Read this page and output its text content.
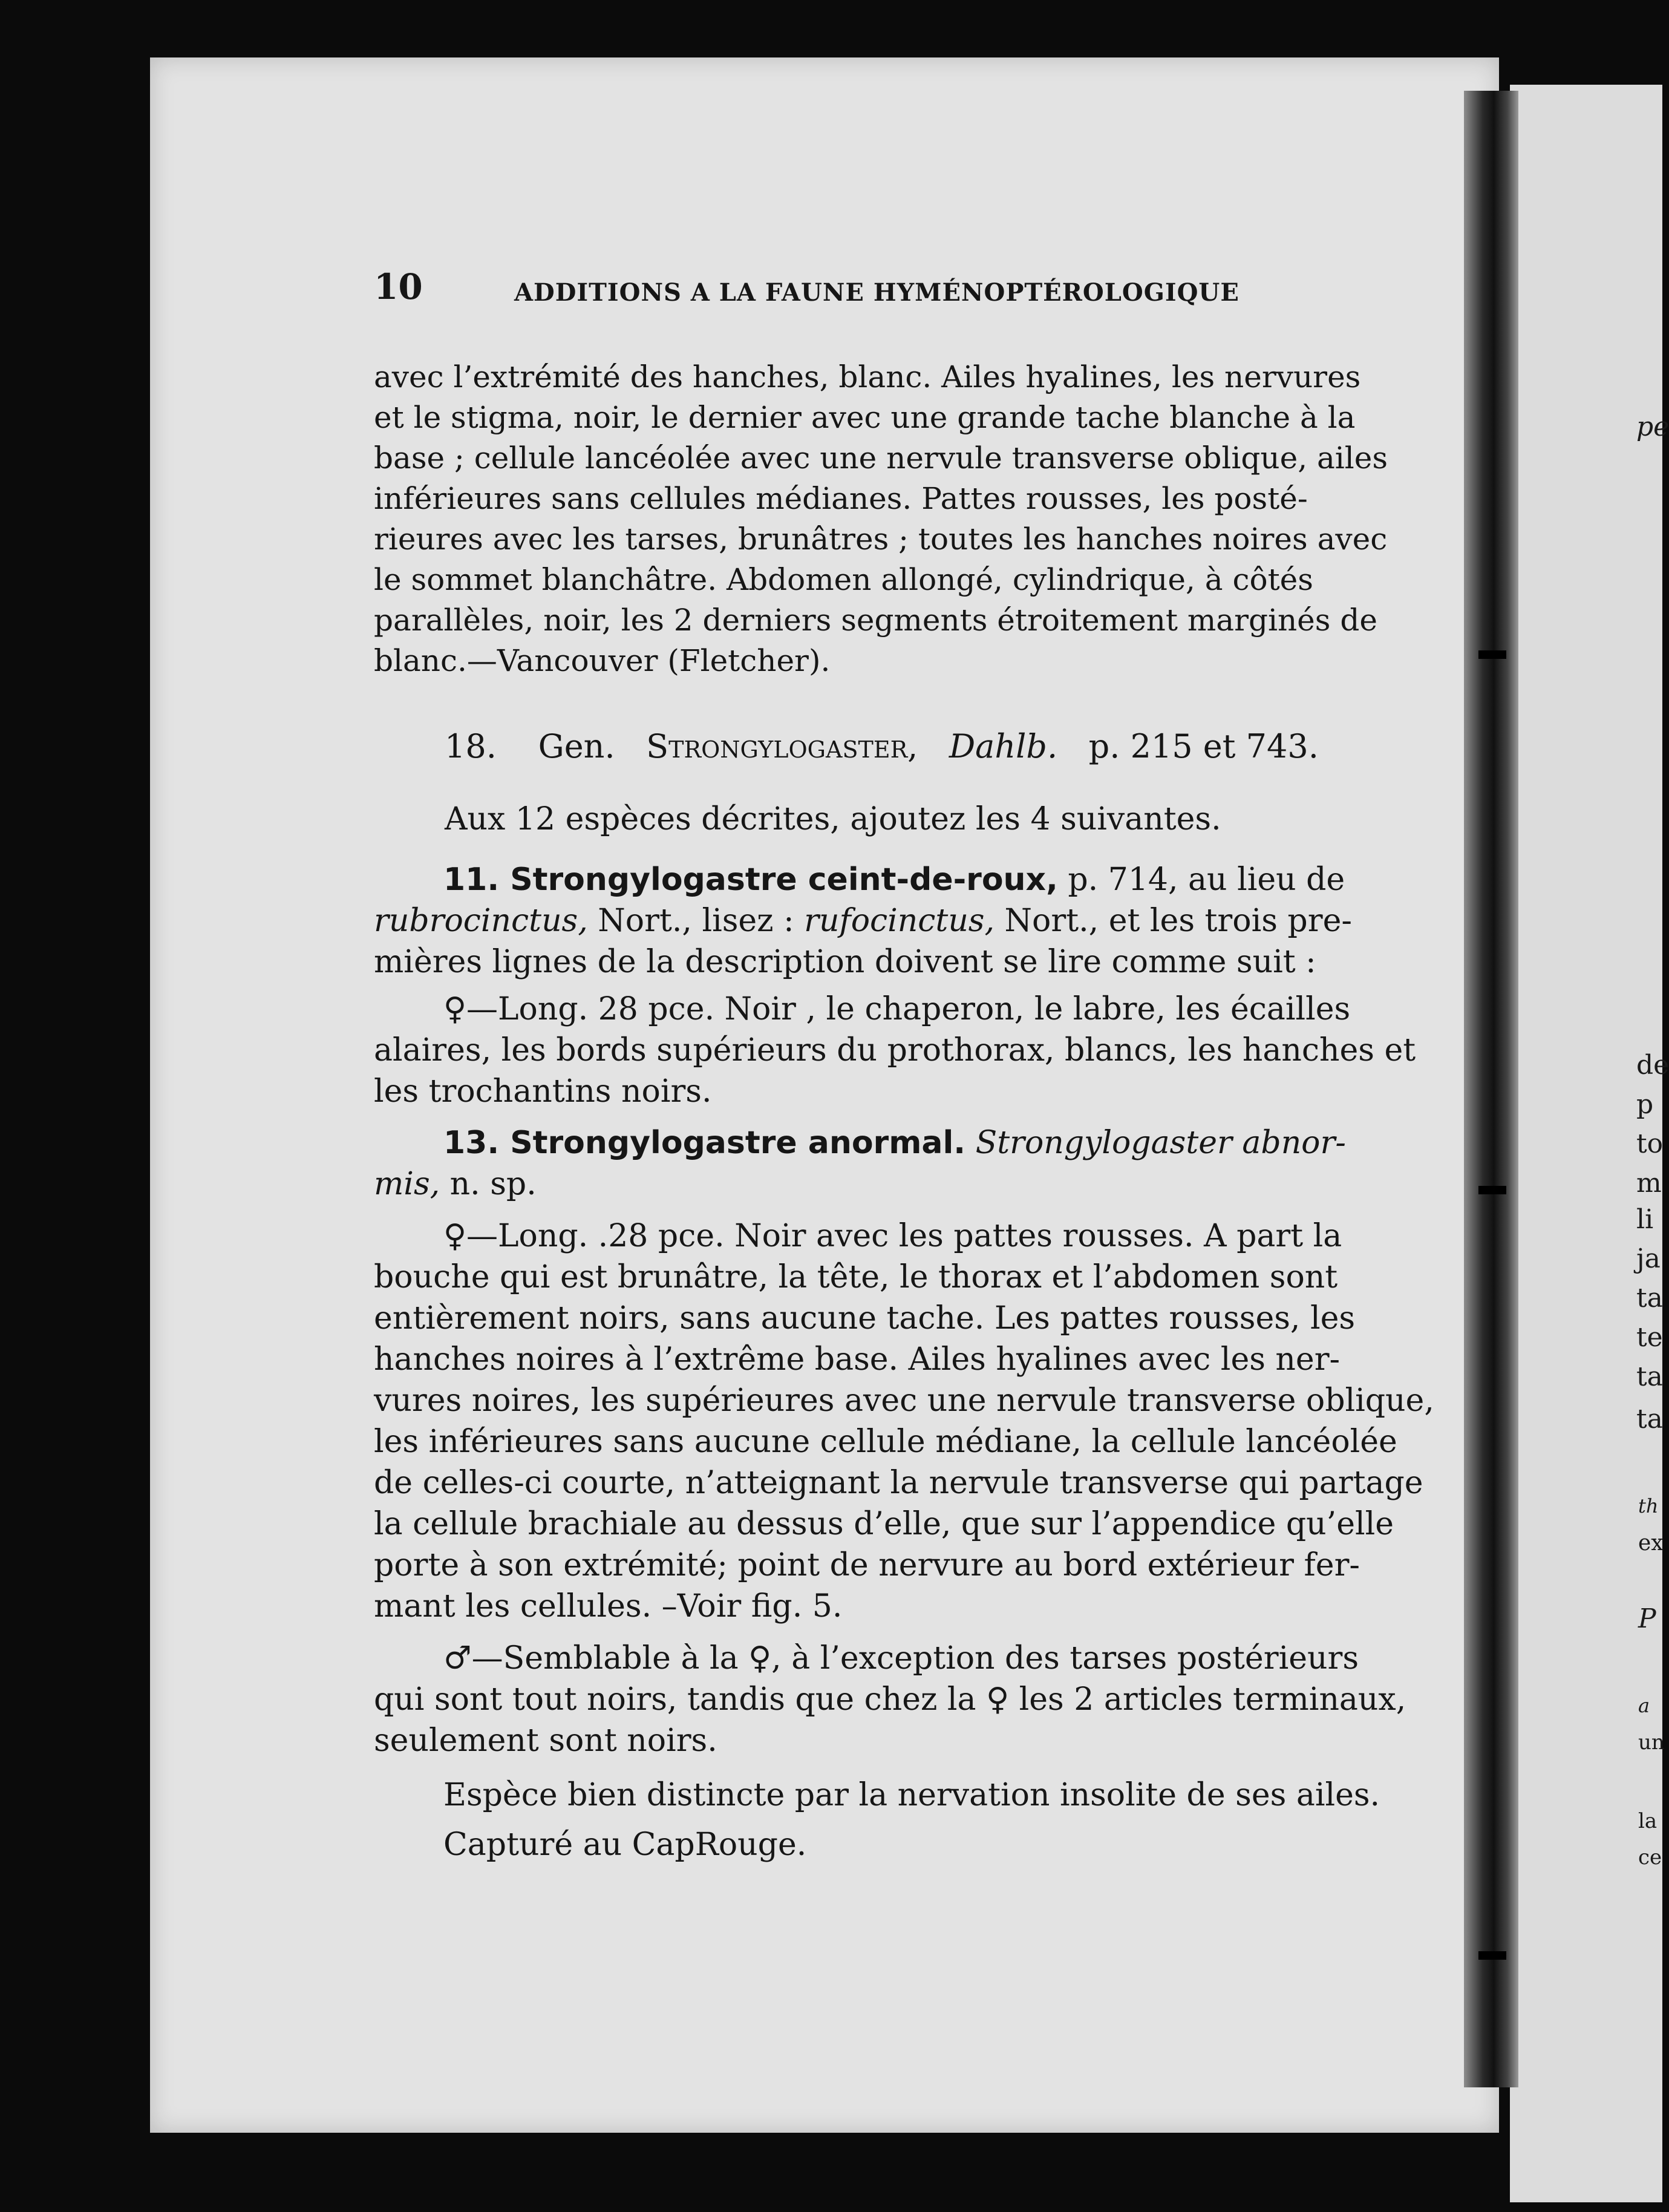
10	ADDITIONS A LA FAUNE HYMÉNOPTÉROLOGIQUE
avec l’extrémité des hanches, blanc. Ailes hyalines, les nervures
et le stigma, noir, le dernier avec une grande tache blanche à la
base ; cellule lancéolée avec une nervule transverse oblique, ailes
inférieures sans cellules médianes. Pattes rousses, les posté-
rieures avec les tarses, brunâtres ; toutes les hanches noires avec
le sommet blanchâtre. Abdomen allongé, cylindrique, à côtés
parallèles, noir, les 2 derniers segments étroitement marginés de
blanc.—Vancouver (Fletcher).
18. Gen. Strongylogaster, Dahlb. p. 215 et 743.
Aux 12 espèces décrites, ajoutez les 4 suivantes.
11. Strongylogastre ceint-de-roux, p. 714, au lieu de
rubrocinctus, Nort., lisez : rufocinctus, Nort., et les trois pre-
mières lignes de la description doivent se lire comme suit :
♀—Long. 28 pce. Noir , le chaperon, le labre, les écailles
alaires, les bords supérieurs du prothorax, blancs, les hanches et
les trochantins noirs.
13. Strongylogastre anormal. Strongylogaster abnor-
mis, n. sp.
♀—Long. .28 pce. Noir avec les pattes rousses. A part la
bouche qui est brunâtre, la tête, le thorax et l’abdomen sont
entièrement noirs, sans aucune tache. Les pattes rousses, les
hanches noires à l’extrême base. Ailes hyalines avec les ner-
vures noires, les supérieures avec une nervule transverse oblique,
les inférieures sans aucune cellule médiane, la cellule lancéolée
de celles-ci courte, n’atteignant la nervule transverse qui partage
la cellule brachiale au dessus d’elle, que sur l’appendice qu’elle
porte à son extrémité; point de nervure au bord extérieur fer-
mant les cellules. –Voir fig. 5.
♂—Semblable à la ♀, à l’exception des tarses postérieurs
qui sont tout noirs, tandis que chez la ♀ les 2 articles terminaux,
seulement sont noirs.
Espèce bien distincte par la nervation insolite de ses ailes.
Capturé au CapRouge.
pe
de
p
to
m
li
ja
ta
te
ta
ta
th
ex
P
a
un
la
ce
